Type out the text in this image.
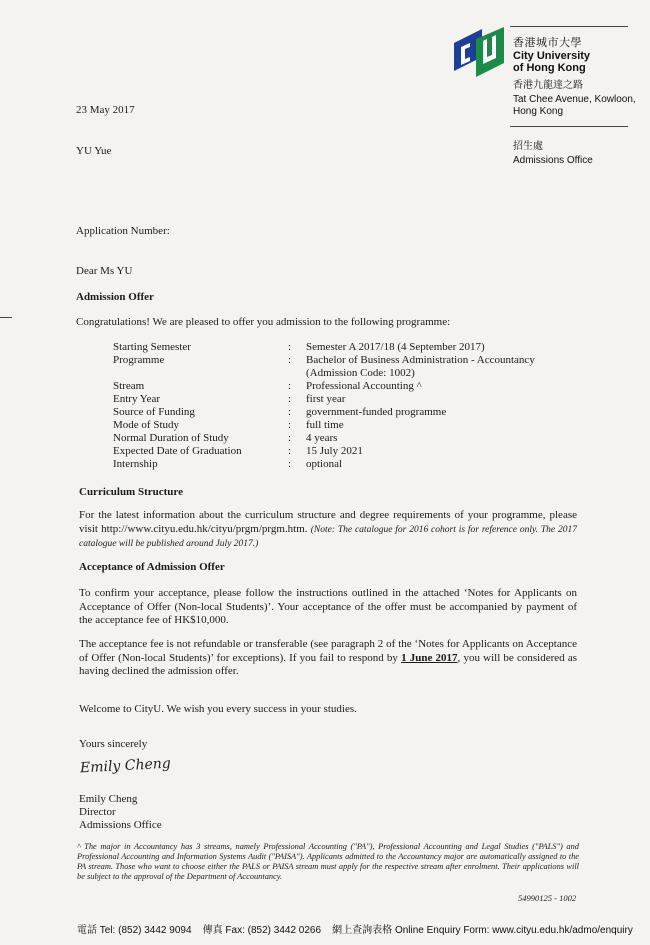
香港城市大學
City University
of Hong Kong
香港九龍達之路
Tat Chee Avenue, Kowloon,
Hong Kong
招生處
Admissions Office
23 May 2017
YU Yue
Application Number:
Dear Ms YU
Admission Offer
Congratulations! We are pleased to offer you admission to the following programme:
Starting Semester	:	Semester A 2017/18 (4 September 2017)
Programme	:	Bachelor of Business Administration - Accountancy
(Admission Code: 1002)
Stream	:	Professional Accounting ^
Entry Year	:	first year
Source of Funding	:	government-funded programme
Mode of Study	:	full time
Normal Duration of Study	:	4 years
Expected Date of Graduation	:	15 July 2021
Internship	:	optional
Curriculum Structure
For the latest information about the curriculum structure and degree requirements of your programme, please visit http://www.cityu.edu.hk/cityu/prgm/prgm.htm. (Note: The catalogue for 2016 cohort is for reference only. The 2017 catalogue will be published around July 2017.)
Acceptance of Admission Offer
To confirm your acceptance, please follow the instructions outlined in the attached ‘Notes for Applicants on Acceptance of Offer (Non-local Students)’. Your acceptance of the offer must be accompanied by payment of the acceptance fee of HK$10,000.
The acceptance fee is not refundable or transferable (see paragraph 2 of the ‘Notes for Applicants on Acceptance of Offer (Non-local Students)’ for exceptions). If you fail to respond by 1 June 2017, you will be considered as having declined the admission offer.
Welcome to CityU. We wish you every success in your studies.
Yours sincerely
Emily Cheng
Emily Cheng
Director
Admissions Office
^ The major in Accountancy has 3 streams, namely Professional Accounting ("PA"), Professional Accounting and Legal Studies ("PALS") and Professional Accounting and Information Systems Audit ("PAISA"). Applicants admitted to the Accountancy major are automatically assigned to the PA stream. Those who want to choose either the PALS or PAISA stream must apply for the respective stream after enrolment. Their applications will be subject to the approval of the Department of Accountancy.
54990125 - 1002
電話 Tel: (852) 3442 9094 傳真 Fax: (852) 3442 0266 網上查詢表格 Online Enquiry Form: www.cityu.edu.hk/admo/enquiry
